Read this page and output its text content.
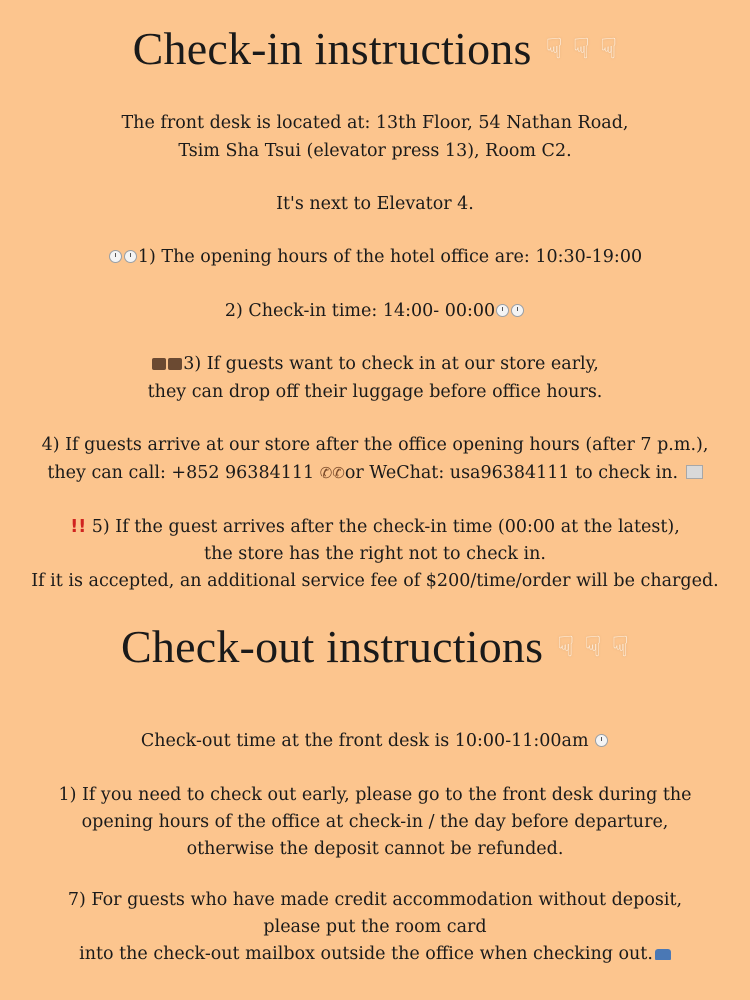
Check-in instructions ☟ ☟ ☟
The front desk is located at: 13th Floor, 54 Nathan Road,
Tsim Sha Tsui (elevator press 13), Room C2.
It's next to Elevator 4.
1) The opening hours of the hotel office are: 10:30-19:00
2) Check-in time: 14:00- 00:00
3) If guests want to check in at our store early,
they can drop off their luggage before office hours.
4) If guests arrive at our store after the office opening hours (after 7 p.m.),
they can call: +852 96384111 ✆✆or WeChat: usa96384111 to check in.
!! 5) If the guest arrives after the check-in time (00:00 at the latest),
the store has the right not to check in.
If it is accepted, an additional service fee of $200/time/order will be charged.
Check-out instructions ☟ ☟ ☟
Check-out time at the front desk is 10:00-11:00am
1) If you need to check out early, please go to the front desk during the
opening hours of the office at check-in / the day before departure,
otherwise the deposit cannot be refunded.
7) For guests who have made credit accommodation without deposit,
please put the room card
into the check-out mailbox outside the office when checking out.
